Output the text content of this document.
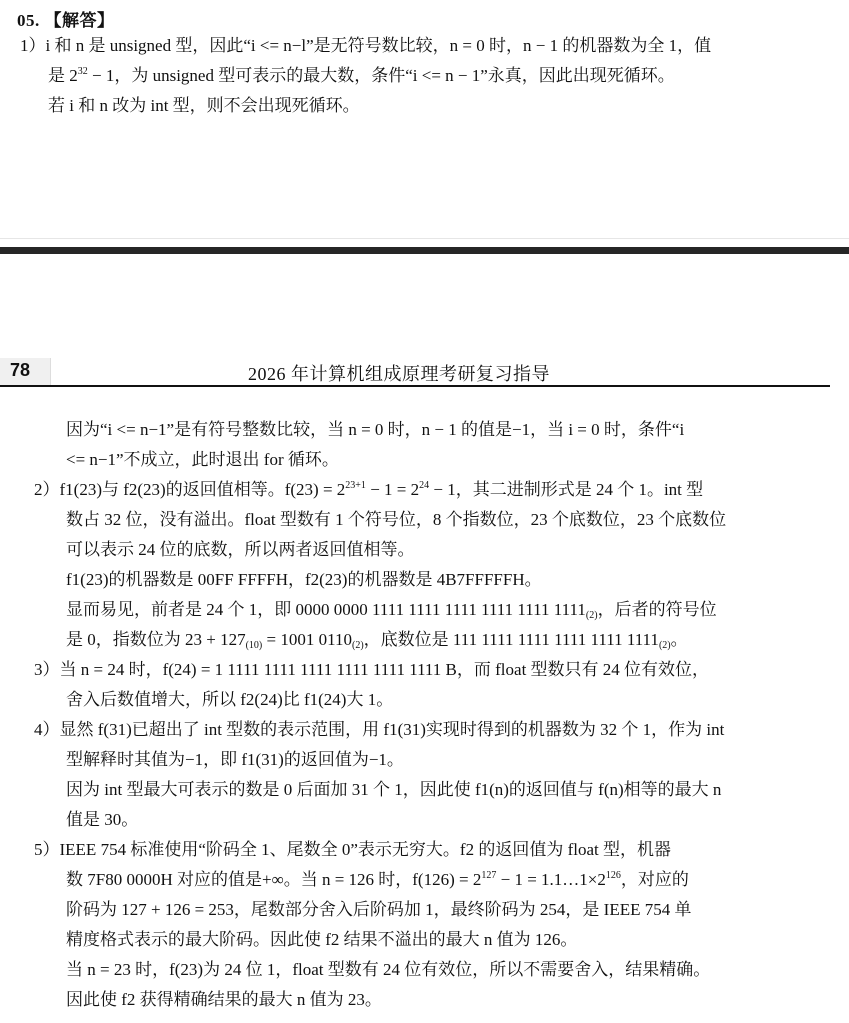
05. 【解答】
1）i 和 n 是 unsigned 型，因此“i <= n−l”是无符号数比较，n = 0 时，n − 1 的机器数为全 1，值
是 $2^{32} - 1$，为 unsigned 型可表示的最大数，条件“i <= n − 1”永真，因此出现死循环。
若 i 和 n 改为 int 型，则不会出现死循环。
78	2026 年计算机组成原理考研复习指导
因为“i <= n−1”是有符号整数比较，当 n = 0 时，n − 1 的值是−1，当 i = 0 时，条件“i
<= n−1”不成立，此时退出 for 循环。
2）f1(23)与 f2(23)的返回值相等。$f(23) = 2^{23+1} - 1 = 2^{24} - 1$，其二进制形式是 24 个 1。int 型
数占 32 位，没有溢出。float 型数有 1 个符号位，8 个指数位，23 个底数位，23 个底数位
可以表示 24 位的底数，所以两者返回值相等。
f1(23)的机器数是 00FF FFFFH，f2(23)的机器数是 4B7FFFFFH。
显而易见，前者是 24 个 1，即 0000 0000 1111 1111 1111 1111 1111 $1111_{(2)}$，后者的符号位
是 0，指数位为 $23 + 127_{(10)} = 1001$ $0110_{(2)}$，底数位是 111 1111 1111 1111 1111 $1111_{(2)}$。
3）当 n = 24 时，f(24) = 1 1111 1111 1111 1111 1111 1111 B，而 float 型数只有 24 位有效位，
舍入后数值增大，所以 f2(24)比 f1(24)大 1。
4）显然 f(31)已超出了 int 型数的表示范围，用 f1(31)实现时得到的机器数为 32 个 1，作为 int
型解释时其值为−1，即 f1(31)的返回值为−1。
因为 int 型最大可表示的数是 0 后面加 31 个 1，因此使 f1(n)的返回值与 f(n)相等的最大 n
值是 30。
5）IEEE 754 标准使用“阶码全 1、尾数全 0”表示无穷大。f2 的返回值为 float 型，机器
数 7F80 0000H 对应的值是+∞。当 n = 126 时，$f(126) = 2^{127} - 1$ = $1.1\dots 1\times 2^{126}$，对应的
阶码为 127 + 126 = 253，尾数部分舍入后阶码加 1，最终阶码为 254，是 IEEE 754 单
精度格式表示的最大阶码。因此使 f2 结果不溢出的最大 n 值为 126。
当 n = 23 时，f(23)为 24 位 1，float 型数有 24 位有效位，所以不需要舍入，结果精确。
因此使 f2 获得精确结果的最大 n 值为 23。
